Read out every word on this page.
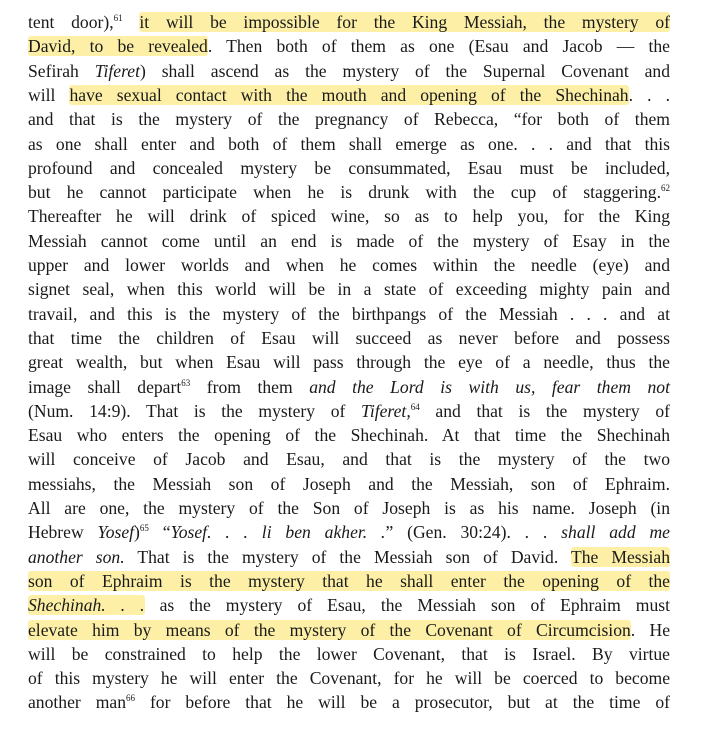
tent door),$^{61}$ it will be impossible for the King Messiah, the mystery of
David, to be revealed. Then both of them as one (Esau and Jacob — the
Sefirah Tiferet) shall ascend as the mystery of the Supernal Covenant and
will have sexual contact with the mouth and opening of the Shechinah. . .
and that is the mystery of the pregnancy of Rebecca, “for both of them
as one shall enter and both of them shall emerge as one. . . and that this
profound and concealed mystery be consummated, Esau must be included,
but he cannot participate when he is drunk with the cup of staggering.$^{62}$
Thereafter he will drink of spiced wine, so as to help you, for the King
Messiah cannot come until an end is made of the mystery of Esay in the
upper and lower worlds and when he comes within the needle (eye) and
signet seal, when this world will be in a state of exceeding mighty pain and
travail, and this is the mystery of the birthpangs of the Messiah . . . and at
that time the children of Esau will succeed as never before and possess
great wealth, but when Esau will pass through the eye of a needle, thus the
image shall depart$^{63}$ from them and the Lord is with us, fear them not
(Num. 14:9). That is the mystery of Tiferet,$^{64}$ and that is the mystery of
Esau who enters the opening of the Shechinah. At that time the Shechinah
will conceive of Jacob and Esau, and that is the mystery of the two
messiahs, the Messiah son of Joseph and the Messiah, son of Ephraim.
All are one, the mystery of the Son of Joseph is as his name. Joseph (in
Hebrew Yosef)$^{65}$ “Yosef. . . li ben akher. .” (Gen. 30:24). . . shall add me
another son. That is the mystery of the Messiah son of David. The Messiah
son of Ephraim is the mystery that he shall enter the opening of the
Shechinah. . . as the mystery of Esau, the Messiah son of Ephraim must
elevate him by means of the mystery of the Covenant of Circumcision. He
will be constrained to help the lower Covenant, that is Israel. By virtue
of this mystery he will enter the Covenant, for he will be coerced to become
another man$^{66}$ for before that he will be a prosecutor, but at the time of
